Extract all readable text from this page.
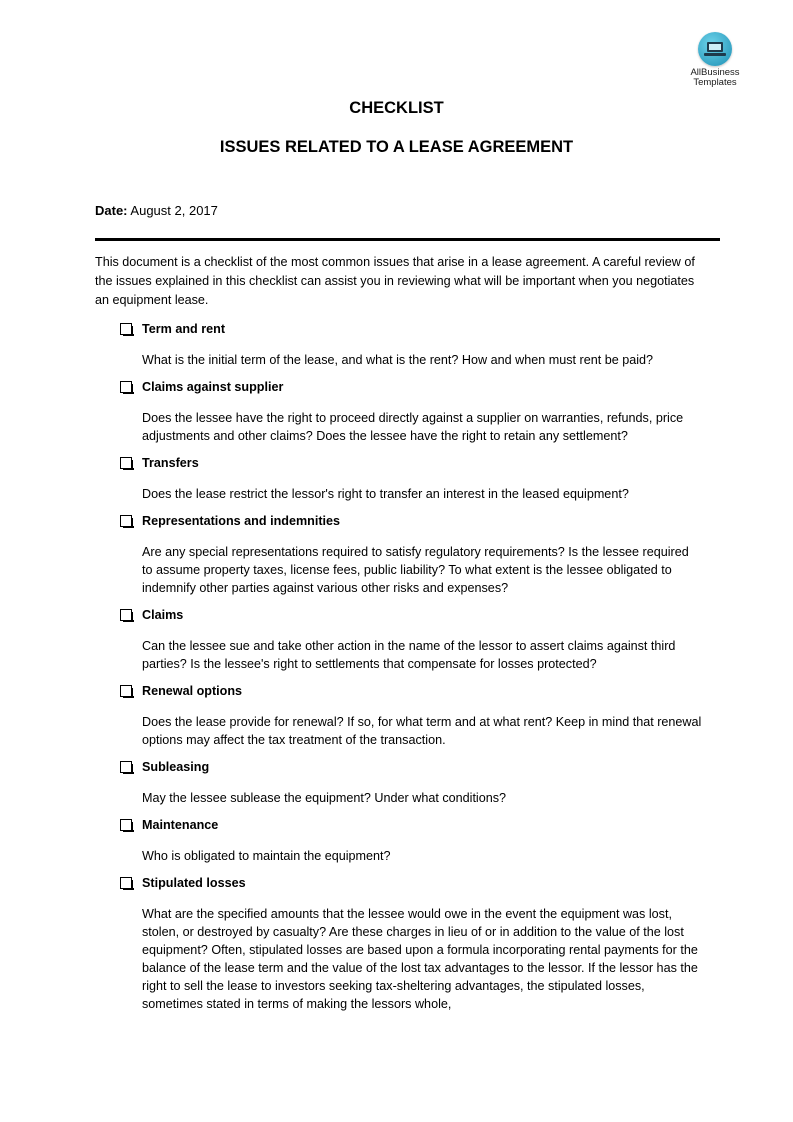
AllBusiness
Templates
CHECKLIST
ISSUES RELATED TO A LEASE AGREEMENT
Date: August 2, 2017
This document is a checklist of the most common issues that arise in a lease agreement. A careful review of the issues explained in this checklist can assist you in reviewing what will be important when you negotiates an equipment lease.
Term and rent
What is the initial term of the lease, and what is the rent? How and when must rent be paid?
Claims against supplier
Does the lessee have the right to proceed directly against a supplier on warranties, refunds, price adjustments and other claims? Does the lessee have the right to retain any settlement?
Transfers
Does the lease restrict the lessor's right to transfer an interest in the leased equipment?
Representations and indemnities
Are any special representations required to satisfy regulatory requirements? Is the lessee required to assume property taxes, license fees, public liability? To what extent is the lessee obligated to indemnify other parties against various other risks and expenses?
Claims
Can the lessee sue and take other action in the name of the lessor to assert claims against third parties? Is the lessee's right to settlements that compensate for losses protected?
Renewal options
Does the lease provide for renewal? If so, for what term and at what rent? Keep in mind that renewal options may affect the tax treatment of the transaction.
Subleasing
May the lessee sublease the equipment? Under what conditions?
Maintenance
Who is obligated to maintain the equipment?
Stipulated losses
What are the specified amounts that the lessee would owe in the event the equipment was lost, stolen, or destroyed by casualty? Are these charges in lieu of or in addition to the value of the lost equipment? Often, stipulated losses are based upon a formula incorporating rental payments for the balance of the lease term and the value of the lost tax advantages to the lessor. If the lessor has the right to sell the lease to investors seeking tax-sheltering advantages, the stipulated losses, sometimes stated in terms of making the lessors whole,
